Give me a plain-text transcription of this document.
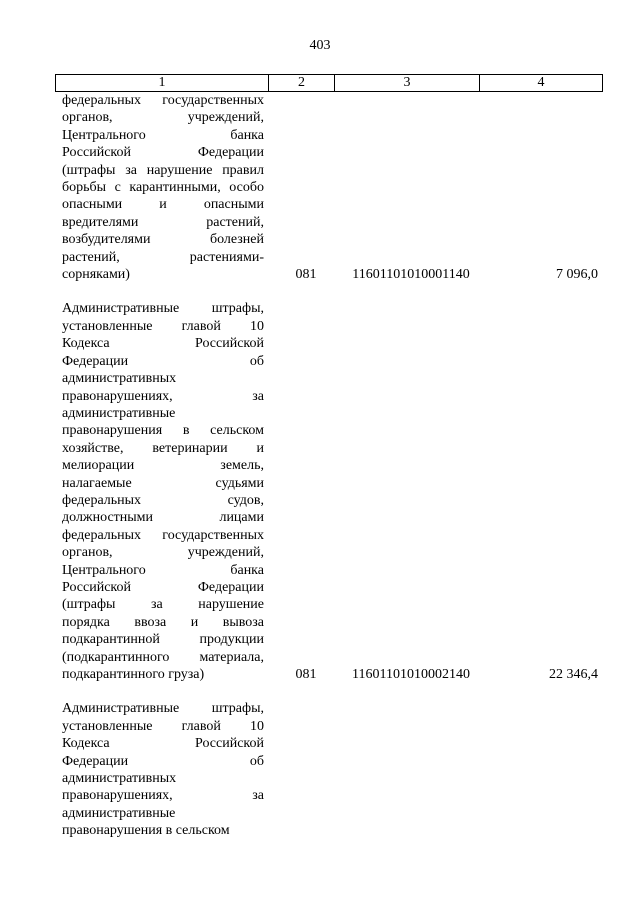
403
1	2	3	4
федеральных государственных
органов, учреждений,
Центрального банка
Российской Федерации
(штрафы за нарушение правил
борьбы с карантинными, особо
опасными и опасными
вредителями растений,
возбудителями болезней
растений, растениями-
сорняками)	081	11601101010001140	7 096,0
Административные штрафы,
установленные главой 10
Кодекса Российской
Федерации об
административных
правонарушениях, за
административные
правонарушения в сельском
хозяйстве, ветеринарии и
мелиорации земель,
налагаемые судьями
федеральных судов,
должностными лицами
федеральных государственных
органов, учреждений,
Центрального банка
Российской Федерации
(штрафы за нарушение
порядка ввоза и вывоза
подкарантинной продукции
(подкарантинного материала,
подкарантинного груза)	081	11601101010002140	22 346,4
Административные штрафы,
установленные главой 10
Кодекса Российской
Федерации об
административных
правонарушениях, за
административные
правонарушения в сельском
